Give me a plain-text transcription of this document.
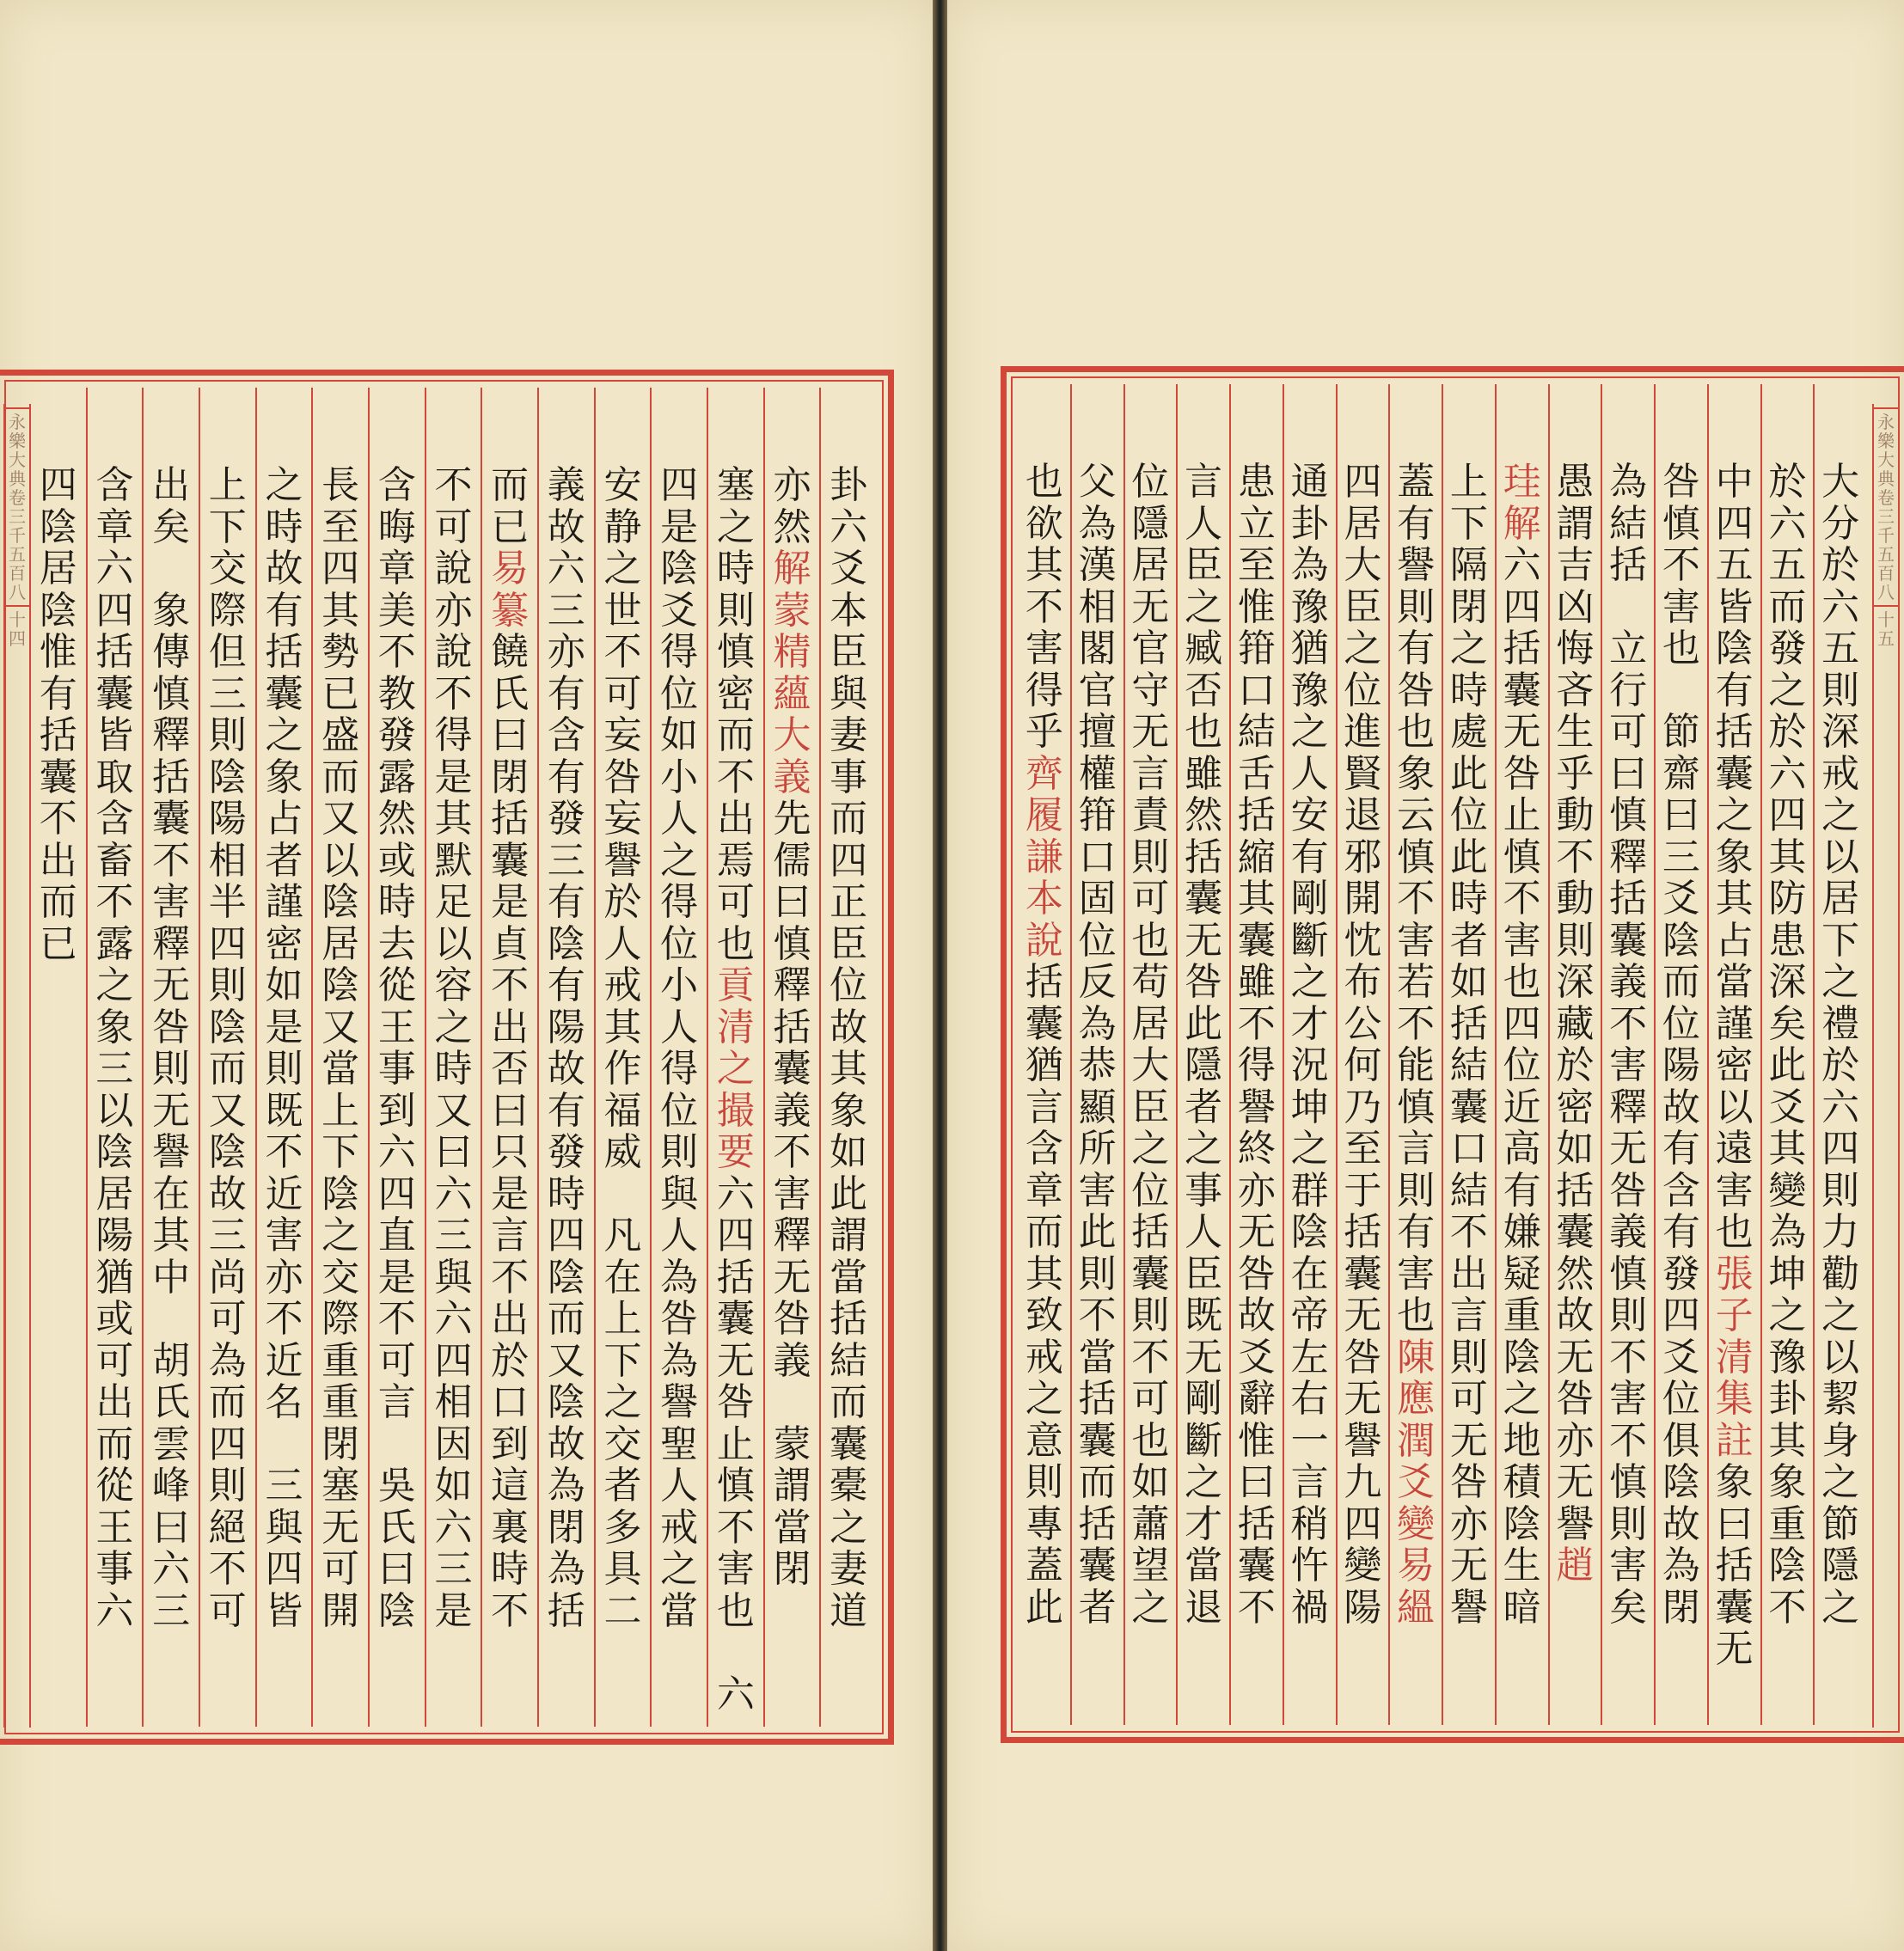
永
樂
大
典
卷
三
千
五
百
八
十
四
卦
六
爻
本
臣
與
妻
事
而
四
正
臣
位
故
其
象
如
此
謂
當
括
結
而
囊
橐
之
妻
道
亦
然
解
蒙
精
蘊
大
義
先
儒
曰
慎
釋
括
囊
義
不
害
釋
无
咎
義

蒙
謂
當
閉
塞
之
時
則
慎
密
而
不
出
焉
可
也
貢
清
之
撮
要
六
四
括
囊
无
咎
止
慎
不
害
也

六
四
是
陰
爻
得
位
如
小
人
之
得
位
小
人
得
位
則
與
人
為
咎
為
譽
聖
人
戒
之
當
安
静
之
世
不
可
妄
咎
妄
譽
於
人
戒
其
作
福
威

凡
在
上
下
之
交
者
多
具
二
義
故
六
三
亦
有
含
有
發
三
有
陰
有
陽
故
有
發
時
四
陰
而
又
陰
故
為
閉
為
括
而
已
易
纂
饒
氏
曰
閉
括
囊
是
貞
不
出
否
曰
只
是
言
不
出
於
口
到
這
裏
時
不
不
可
說
亦
說
不
得
是
其
默
足
以
容
之
時
又
曰
六
三
與
六
四
相
因
如
六
三
是
含
晦
章
美
不
教
發
露
然
或
時
去
從
王
事
到
六
四
直
是
不
可
言

吳
氏
曰
陰
長
至
四
其
勢
已
盛
而
又
以
陰
居
陰
又
當
上
下
陰
之
交
際
重
重
閉
塞
无
可
開
之
時
故
有
括
囊
之
象
占
者
謹
密
如
是
則
既
不
近
害
亦
不
近
名

三
與
四
皆
上
下
交
際
但
三
則
陰
陽
相
半
四
則
陰
而
又
陰
故
三
尚
可
為
而
四
則
絕
不
可
出
矣

象
傳
慎
釋
括
囊
不
害
釋
无
咎
則
无
譽
在
其
中

胡
氏
雲
峰
曰
六
三
含
章
六
四
括
囊
皆
取
含
畜
不
露
之
象
三
以
陰
居
陽
猶
或
可
出
而
從
王
事
六
四
陰
居
陰
惟
有
括
囊
不
出
而
已
大
分
於
六
五
則
深
戒
之
以
居
下
之
禮
於
六
四
則
力
勸
之
以
絜
身
之
節
隱
之
於
六
五
而
發
之
於
六
四
其
防
患
深
矣
此
爻
其
變
為
坤
之
豫
卦
其
象
重
陰
不
中
四
五
皆
陰
有
括
囊
之
象
其
占
當
謹
密
以
遠
害
也
張
子
清
集
註
象
曰
括
囊
无
咎
慎
不
害
也

節
齋
曰
三
爻
陰
而
位
陽
故
有
含
有
發
四
爻
位
俱
陰
故
為
閉
為
結
括

立
行
可
曰
慎
釋
括
囊
義
不
害
釋
无
咎
義
慎
則
不
害
不
慎
則
害
矣
愚
謂
吉
凶
悔
吝
生
乎
動
不
動
則
深
藏
於
密
如
括
囊
然
故
无
咎
亦
无
譽
趙
珪
解
六
四
括
囊
无
咎
止
慎
不
害
也
四
位
近
高
有
嫌
疑
重
陰
之
地
積
陰
生
暗
上
下
隔
閉
之
時
處
此
位
此
時
者
如
括
結
囊
口
結
不
出
言
則
可
无
咎
亦
无
譽
蓋
有
譽
則
有
咎
也
象
云
慎
不
害
若
不
能
慎
言
則
有
害
也
陳
應
潤
爻
變
易
縕
四
居
大
臣
之
位
進
賢
退
邪
開
忱
布
公
何
乃
至
于
括
囊
无
咎
无
譽
九
四
變
陽
通
卦
為
豫
猶
豫
之
人
安
有
剛
斷
之
才
況
坤
之
群
陰
在
帝
左
右
一
言
稍
忤
禍
患
立
至
惟
箝
口
結
舌
括
縮
其
囊
雖
不
得
譽
終
亦
无
咎
故
爻
辭
惟
曰
括
囊
不
言
人
臣
之
臧
否
也
雖
然
括
囊
无
咎
此
隱
者
之
事
人
臣
既
无
剛
斷
之
才
當
退
位
隱
居
无
官
守
无
言
責
則
可
也
苟
居
大
臣
之
位
括
囊
則
不
可
也
如
蕭
望
之
父
為
漢
相
閣
官
擅
權
箝
口
固
位
反
為
恭
顯
所
害
此
則
不
當
括
囊
而
括
囊
者
也
欲
其
不
害
得
乎
齊
履
謙
本
說
括
囊
猶
言
含
章
而
其
致
戒
之
意
則
專
蓋
此
永
樂
大
典
卷
三
千
五
百
八
十
五
